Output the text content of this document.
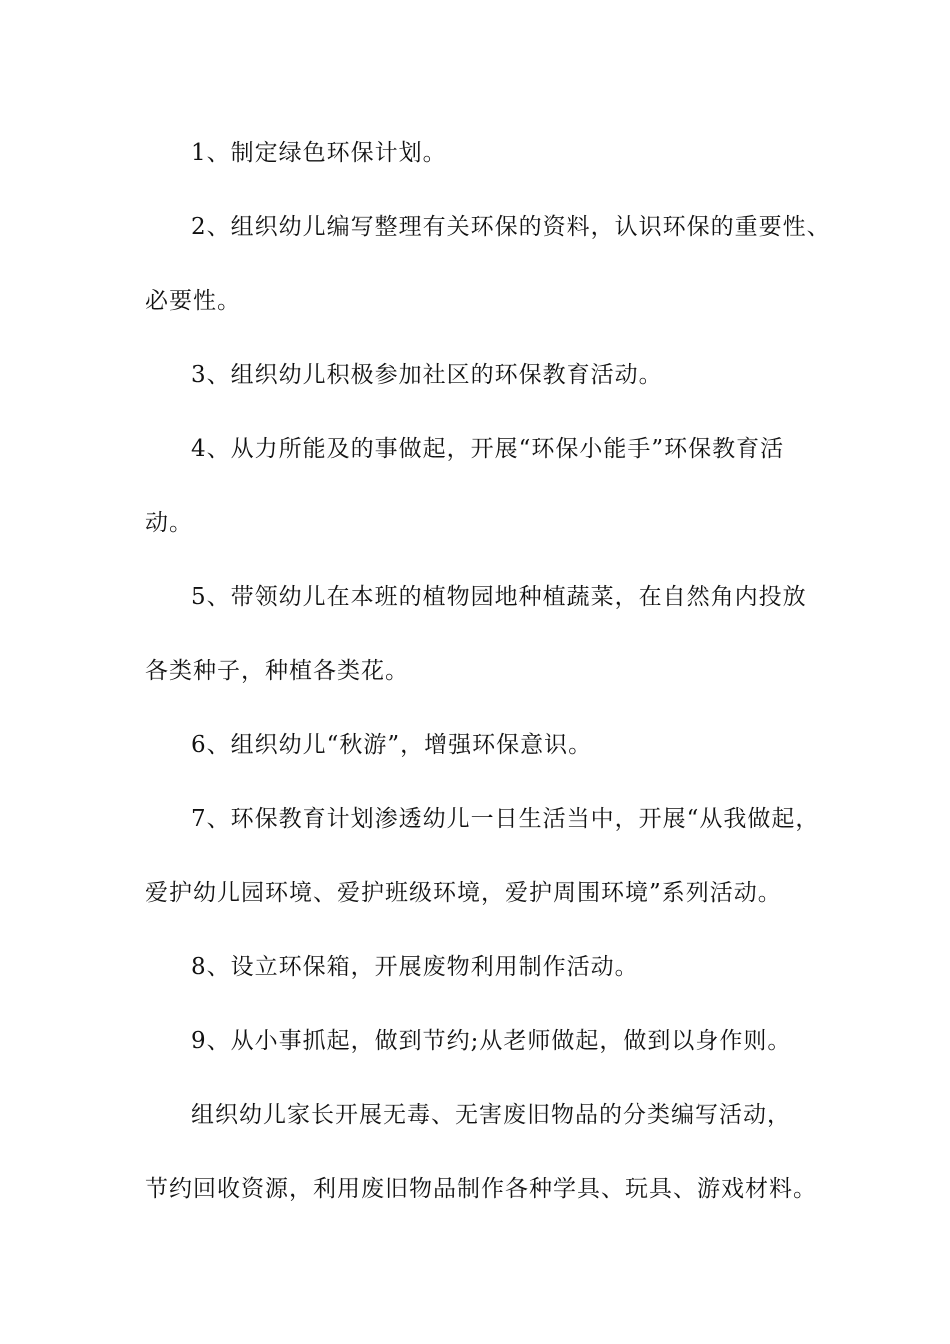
1、制定绿色环保计划。
2、组织幼儿编写整理有关环保的资料，认识环保的重要性、
必要性。
3、组织幼儿积极参加社区的环保教育活动。
4、从力所能及的事做起，开展“环保小能手”环保教育活
动。
5、带领幼儿在本班的植物园地种植蔬菜，在自然角内投放
各类种子，种植各类花。
6、组织幼儿“秋游”，增强环保意识。
7、环保教育计划渗透幼儿一日生活当中，开展“从我做起，
爱护幼儿园环境、爱护班级环境，爱护周围环境”系列活动。
8、设立环保箱，开展废物利用制作活动。
9、从小事抓起，做到节约;从老师做起，做到以身作则。
组织幼儿家长开展无毒、无害废旧物品的分类编写活动，
节约回收资源，利用废旧物品制作各种学具、玩具、游戏材料。
